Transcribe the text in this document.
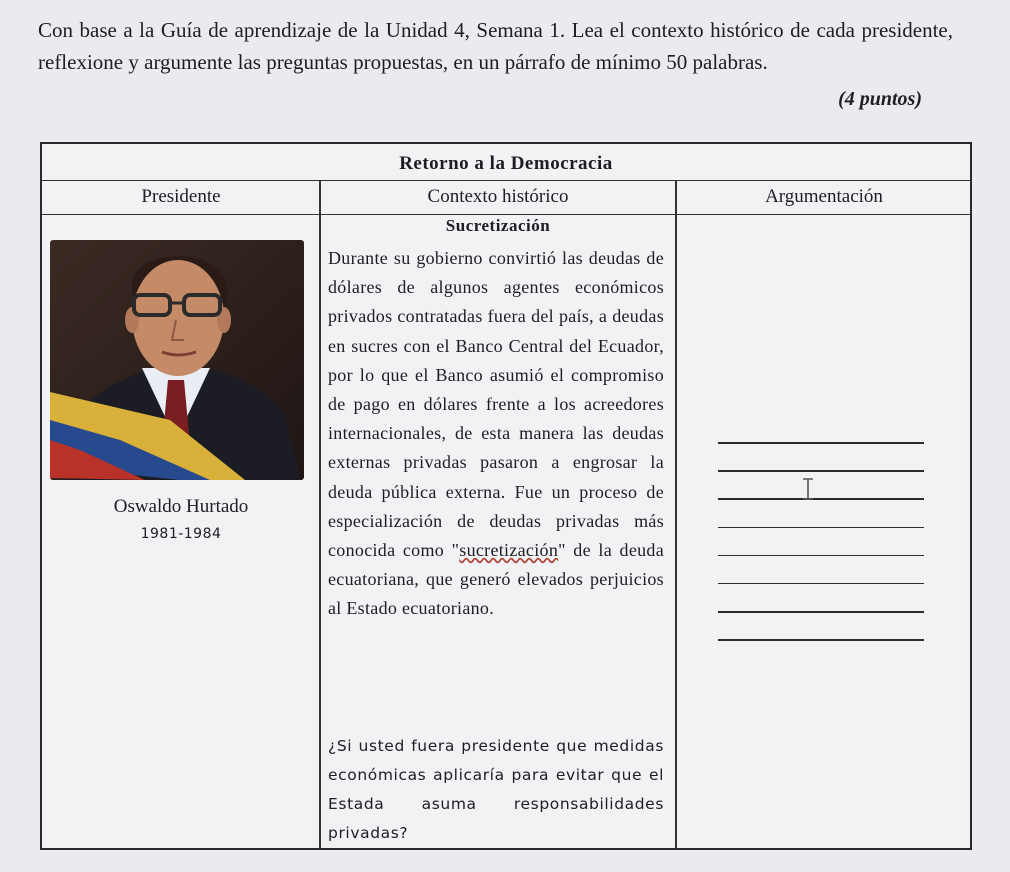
Con base a la Guía de aprendizaje de la Unidad 4, Semana 1. Lea el contexto histórico de cada presidente, reflexione y argumente las preguntas propuestas, en un párrafo de mínimo 50 palabras.
(4 puntos)
Retorno a la Democracia
Presidente	Contexto histórico	Argumentación
Sucretización
Oswaldo Hurtado
1981-1984
Durante su gobierno convirtió las deudas de dólares de algunos agentes económicos privados contratadas fuera del país, a deudas en sucres con el Banco Central del Ecuador, por lo que el Banco asumió el compromiso de pago en dólares frente a los acreedores internacionales, de esta manera las deudas externas privadas pasaron a engrosar la deuda pública externa. Fue un proceso de especialización de deudas privadas más conocida como "sucretización" de la deuda ecuatoriana, que generó elevados perjuicios al Estado ecuatoriano.
¿Si usted fuera presidente que medidas económicas aplicaría para evitar que el Estada asuma responsabilidades privadas?
